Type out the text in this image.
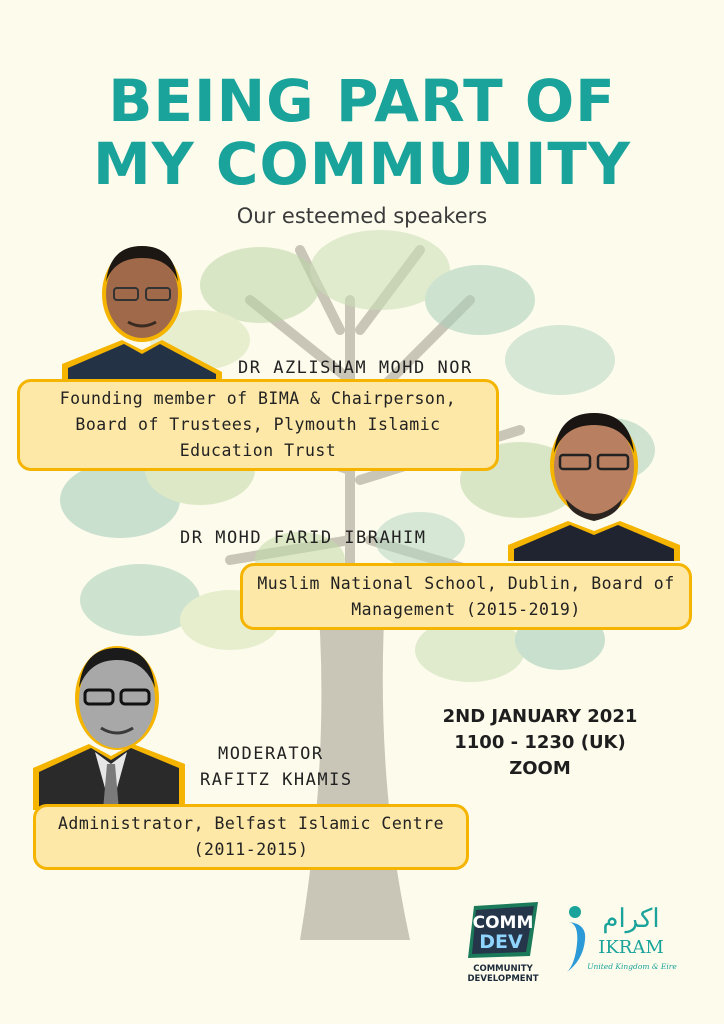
BEING PART OF
MY COMMUNITY
Our esteemed speakers
DR AZLISHAM MOHD NOR
Founding member of BIMA & Chairperson, Board of Trustees, Plymouth Islamic Education Trust
DR MOHD FARID IBRAHIM
Muslim National School, Dublin, Board of Management (2015-2019)
MODERATOR
RAFITZ KHAMIS
Administrator, Belfast Islamic Centre (2011-2015)
2ND JANUARY 2021
1100 - 1230 (UK)
ZOOM
COMM
DEV
COMMUNITY
DEVELOPMENT
اكرام
IKRAM
United Kingdom & Eire
